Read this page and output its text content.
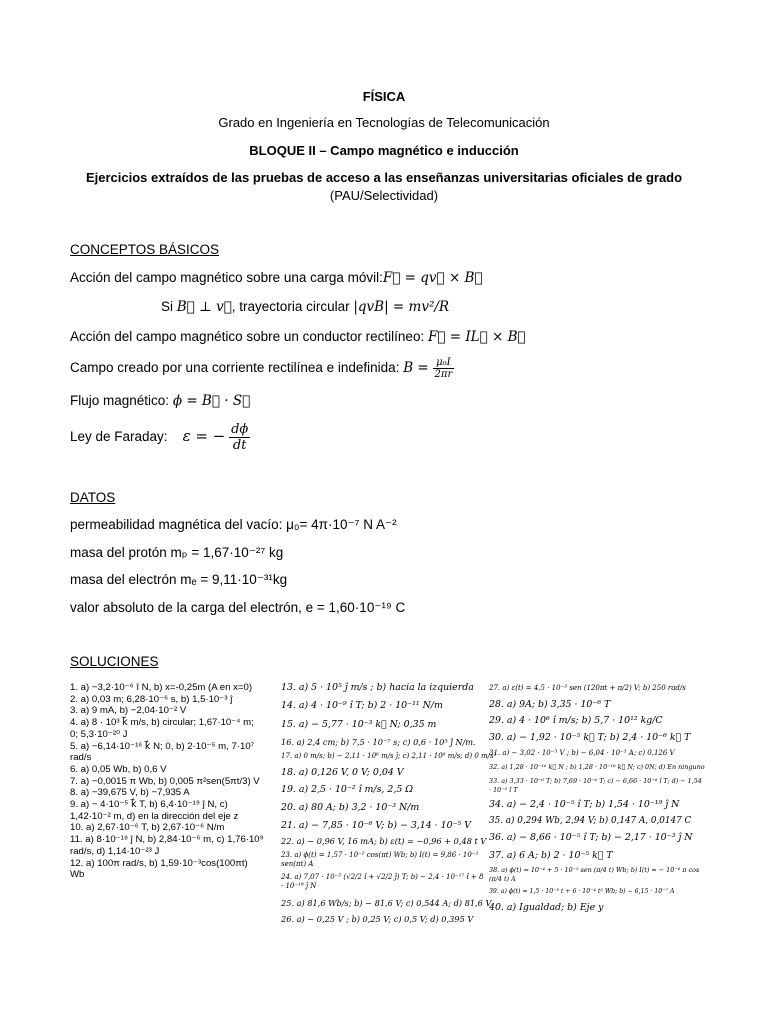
FÍSICA
Grado en Ingeniería en Tecnologías de Telecomunicación
BLOQUE II – Campo magnético e inducción
Ejercicios extraídos de las pruebas de acceso a las enseñanzas universitarias oficiales de grado
(PAU/Selectividad)
CONCEPTOS BÁSICOS
Acción del campo magnético sobre una carga móvil:F⃗ = qv⃗ × B⃗
Si B⃗ ⊥ v⃗, trayectoria circular |qvB| = mv²/R
Acción del campo magnético sobre un conductor rectilíneo: F⃗ = IL⃗ × B⃗
Campo creado por una corriente rectilínea e indefinida: $B = \frac{\text{μ₀I}}{2\pi r}$
Flujo magnético: ϕ = B⃗ · S⃗
Ley de Faraday: ε = − $\frac{d\phi}{dt}$
DATOS
permeabilidad magnética del vacío: μ₀= 4π·10⁻⁷ N A⁻²
masa del protón mₚ = 1,67·10⁻²⁷ kg
masa del electrón mₑ = 9,11·10⁻³¹kg
valor absoluto de la carga del electrón, e = 1,60·10⁻¹⁹ C
SOLUCIONES
1. a) −3,2·10⁻⁶ î N, b) x=-0,25m (A en x=0)
2. a) 0,03 m; 6,28·10⁻⁶ s, b) 1,5·10⁻³ ĵ
3. a) 9 mA, b) −2,04·10⁻² V
4. a) 8 · 10³ k⃗ m/s, b) circular; 1,67·10⁻⁴ m;
0; 5,3·10⁻²⁰ J
5. a) −6,14·10⁻¹⁶ k⃗ N; 0, b) 2·10⁻⁵ m, 7·10⁷
rad/s
6. a) 0,05 Wb, b) 0,6 V
7. a) −0,0015 π Wb, b) 0,005 π²sen(5πt/3) V
8. a) −39,675 V, b) −7,935 A
9. a) − 4·10⁻⁵ k⃗ T, b) 6,4·10⁻¹⁹ ĵ N, c)
1,42·10⁻² m, d) en la dirección del eje z
10. a) 2,67·10⁻⁶ T, b) 2,67·10⁻⁶ N/m
11. a) 8·10⁻¹⁸ ĵ N, b) 2,84·10⁻⁶ m, c) 1,76·10⁹
rad/s, d) 1,14·10⁻²³ J
12. a) 100π rad/s, b) 1,59·10⁻³cos(100πt)
Wb
13. a) 5 · 10⁵ ĵ m/s ; b) hacia la izquierda
14. a) 4 · 10⁻⁹ î T; b) 2 · 10⁻¹¹ N/m
15. a) − 5,77 · 10⁻³ k⃗ N; 0,35 m
16. a) 2,4 cm; b) 7,5 · 10⁻⁷ s; c) 0,6 · 10⁵ ĵ N/m.
17. a) 0 m/s; b) − 2,11 · 10⁶ m/s ĵ; c) 2,11 · 10⁶ m/s; d) 0 m/s²
18. a) 0,126 V, 0 V; 0,04 V
19. a) 2,5 · 10⁻² î m/s, 2,5 Ω
20. a) 80 A; b) 3,2 · 10⁻³ N/m
21. a) − 7,85 · 10⁻⁶ V; b) − 3,14 · 10⁻⁵ V
22. a) − 0,96 V, 16 mA; b) ε(t) = −0,96 + 0,48 t V
23. a) ϕ(t) = 1,57 · 10⁻² cos(πt) Wb; b) I(t) = 9,86 · 10⁻² sen(πt) A
24. a) 7,07 · 10⁻⁵ (√2/2 î + √2/2 ĵ) T; b) − 2,4 · 10⁻¹⁷ î + 8 · 10⁻¹⁸ ĵ N
25. a) 81,6 Wb/s; b) − 81,6 V; c) 0,544 A; d) 81,6 V
26. a) − 0,25 V ; b) 0,25 V; c) 0,5 V; d) 0,395 V
27. a) ε(t) = 4,5 · 10⁻³ sen (120πt + π/2) V; b) 250 rad/s
28. a) 9A; b) 3,35 · 10⁻⁶ T
29. a) 4 · 10⁶ î m/s; b) 5,7 · 10¹² kg/C
30. a) − 1,92 · 10⁻⁵ k⃗ T; b) 2,4 · 10⁻⁶ k⃗ T
31. a) − 3,02 · 10⁻³ V ; b) − 6,04 · 10⁻³ A; c) 0,126 V
32. a) 1,28 · 10⁻¹⁶ k⃗ N ; b) 1,28 · 10⁻¹⁶ k⃗ N; c) 0N; d) En ninguno
33. a) 3,33 · 10⁻⁶ T; b) 7,69 · 10⁻⁶ T; c) − 6,66 · 10⁻⁶ î T; d) − 1,54 · 10⁻⁵ î T
34. a) − 2,4 · 10⁻⁵ î T; b) 1,54 · 10⁻¹⁹ ĵ N
35. a) 0,294 Wb, 2,94 V; b) 0,147 A, 0,0147 C
36. a) − 8,66 · 10⁻⁵ î T; b) − 2,17 · 10⁻³ ĵ N
37. a) 6 A; b) 2 · 10⁻⁵ k⃗ T
38. a) ϕ(t) = 10⁻⁴ + 5 · 10⁻⁵ sen (π/4 t) Wb; b) I(t) = − 10⁻⁶ π cos (π/4 t) A
39. a) ϕ(t) = 1,5 · 10⁻³ t + 6 · 10⁻⁴ t² Wb; b) − 6,15 · 10⁻⁷ A
40. a) Igualdad; b) Eje y
